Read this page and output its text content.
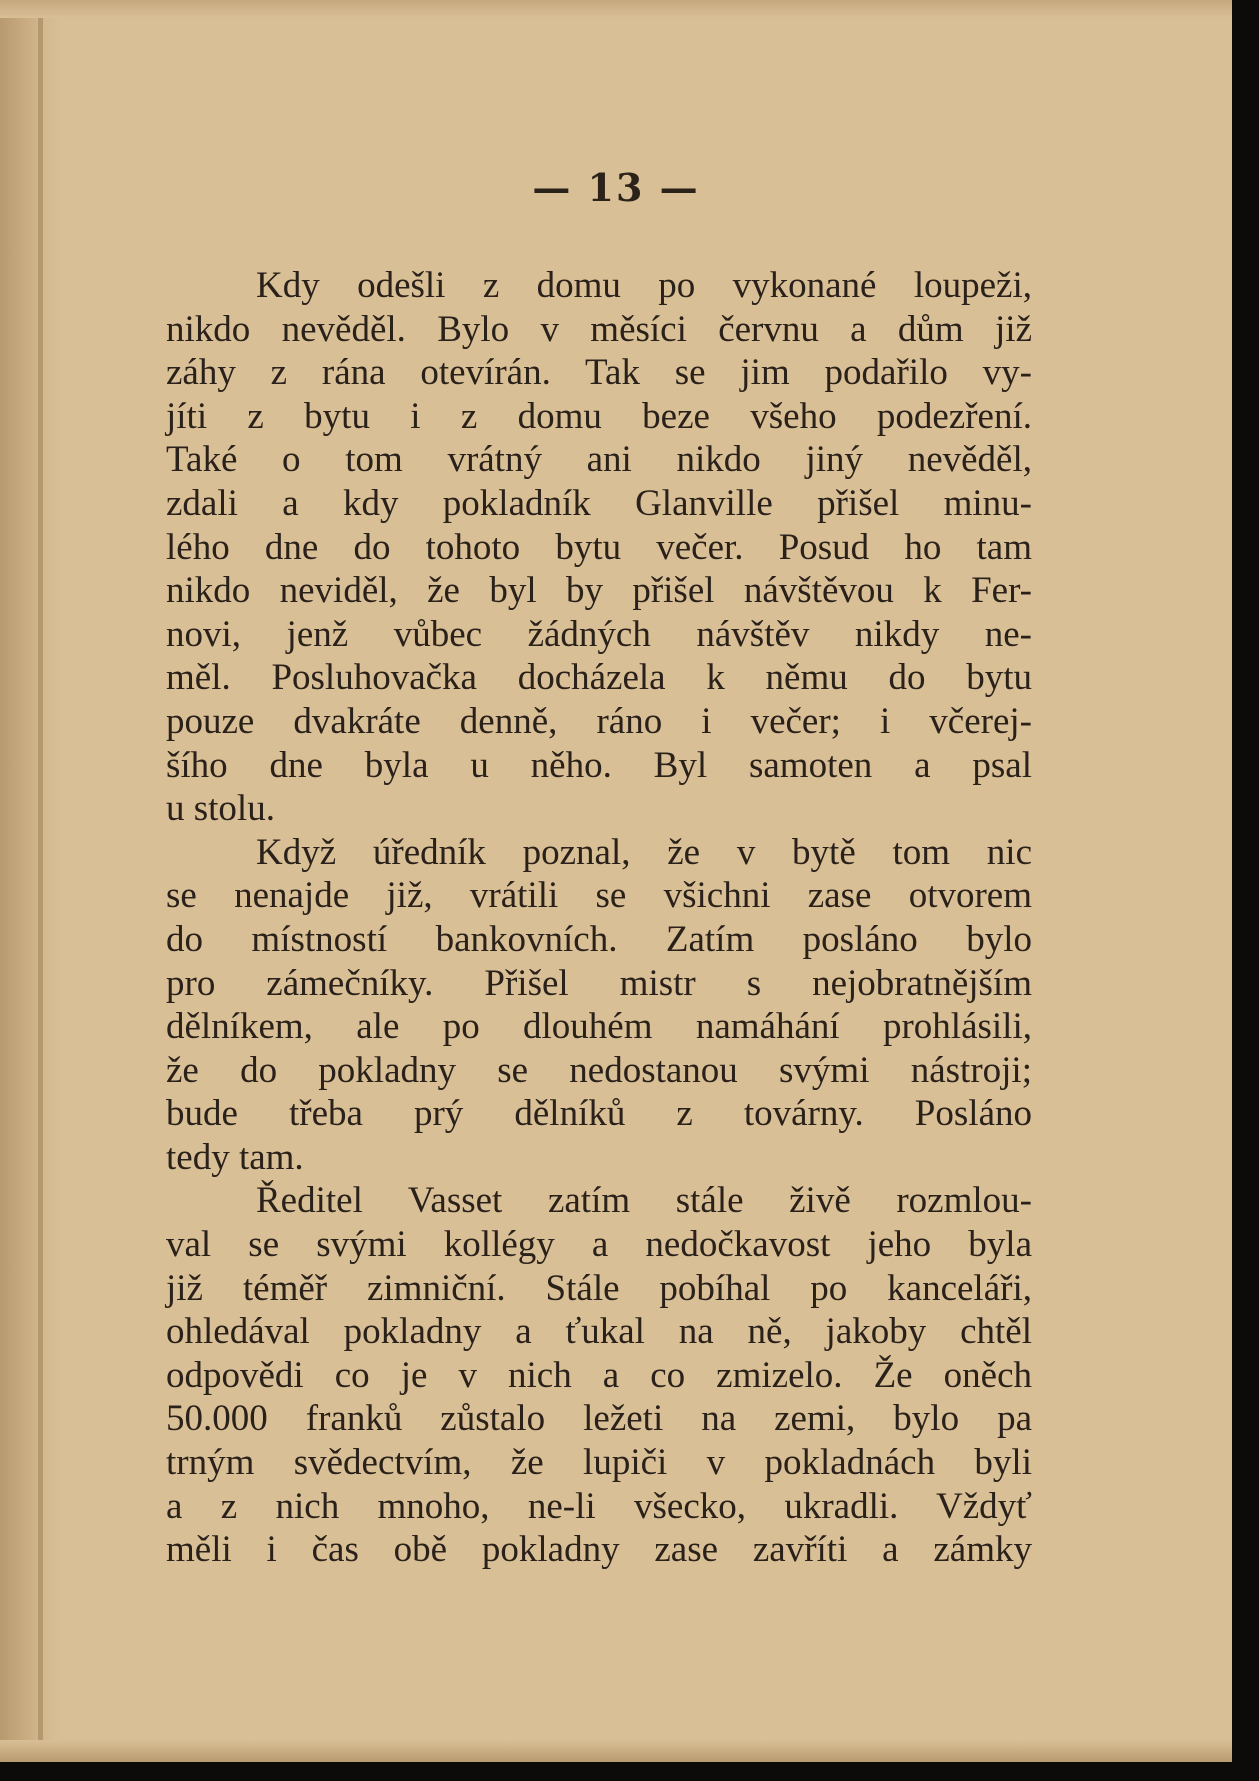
— 13 —
Kdy odešli z domu po vykonané loupeži,
nikdo nevěděl. Bylo v měsíci červnu a dům již
záhy z rána otevírán. Tak se jim podařilo vy-
jíti z bytu i z domu beze všeho podezření.
Také o tom vrátný ani nikdo jiný nevěděl,
zdali a kdy pokladník Glanville přišel minu-
lého dne do tohoto bytu večer. Posud ho tam
nikdo neviděl, že byl by přišel návštěvou k Fer-
novi, jenž vůbec žádných návštěv nikdy ne-
měl. Posluhovačka docházela k němu do bytu
pouze dvakráte denně, ráno i večer; i včerej-
šího dne byla u něho. Byl samoten a psal
u stolu.
Když úředník poznal, že v bytě tom nic
se nenajde již, vrátili se všichni zase otvorem
do místností bankovních. Zatím posláno bylo
pro zámečníky. Přišel mistr s nejobratnějším
dělníkem, ale po dlouhém namáhání prohlásili,
že do pokladny se nedostanou svými nástroji;
bude třeba prý dělníků z továrny. Posláno
tedy tam.
Ředitel Vasset zatím stále živě rozmlou-
val se svými kollégy a nedočkavost jeho byla
již téměř zimniční. Stále pobíhal po kanceláři,
ohledával pokladny a ťukal na ně, jakoby chtěl
odpovědi co je v nich a co zmizelo. Že oněch
50.000 franků zůstalo ležeti na zemi, bylo pa
trným svědectvím, že lupiči v pokladnách byli
a z nich mnoho, ne-li všecko, ukradli. Vždyť
měli i čas obě pokladny zase zavříti a zámky
